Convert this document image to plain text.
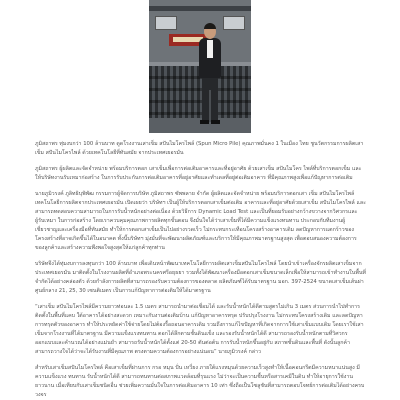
ภูมิสถาพร ทุ่มงบกว่า 100 ล้านบาท ดูดโรงงานเสาเข็ม สปันไมโครไพล์ (Spun Micro Pile) คุณภาพมั่นคง 1 ในเมือง ไทย ชูนวัตกรรมการผลิตเสาเข็ม สปันไมโครไพล์ ด้วยเทคโนโลยีที่ทันสมัย จากประเทศเยอรมัน

ภูมิสถาพร ผู้ผลิตและจัดจำหน่าย พร้อมบริการตอก เสาเข็มเพื่อการต่อเติมอาคารและที่อยู่อาศัย ด้วยเสาเข็ม สปันไมโคร ไพล์ที่บริการตอกเข็ม และให้บริษัทงานรับเหมาก่อสร้าง ในการรับประกันการต่อเติมอาคารที่อยู่อาศัยและทำเดลที่อยู่ต่อเติมอาคาร ที่มีคุณภาพสูงเพื่อแก้ปัญหาการต่อเติม

นายภูมิวรงค์ ภูลิทธิบุพิพัฒ กรรมการผู้จัดการบริษัท ภูมิสถาพร ซัพพลาย จำกัด ผู้ผลิตและจัดจำหน่าย พร้อมบริการตอกเสา เข็ม สปันไมโครไพล์ เทคโนโลยีการผลิตจากประเทศเยอรมัน เปิดเผยว่า บริษัทฯ เป็นผู้ให้บริการตอกเสาเข็มต่อเติม อาคารและที่อยู่อาศัยด้วยเสาเข็ม สปันไมโครไพล์ และสามารถทดสอบความสามารถในการรับน้ำหนักอย่างต่อเนื่อง ด้วยวิธีการ Dynamic Load Test และเป็นที่ยอมรับอย่างกว้างขวางจากวิศวกรและผู้รับเหมา ในการก่อสร้าง โดยเราควบคุมคุณภาพการผลิตทุกขั้นตอน จึงมั่นใจได้ว่าเสาเข็มที่ได้มีความแข็งแรงทนทาน ประกอบกับทีมงานผู้เชี่ยวชาญและเครื่องมือที่ทันสมัย ทำให้การตอกเสาเข็มเป็นไปอย่างรวดเร็ว ไม่กระทบกระเทือนโครงสร้างอาคารเดิม ลดปัญหาการแตกร้าวของโครงสร้างที่อาจเกิดขึ้นได้ในอนาคต ทั้งนี้บริษัทฯ มุ่งมั่นที่จะพัฒนาผลิตภัณฑ์และบริการให้มีคุณภาพมาตรฐานสูงสุด เพื่อตอบสนองความต้องการของลูกค้าและสร้างความพึงพอใจสูงสุดให้แก่ลูกค้าทุกท่าน

บริษัทจึงได้ทุ่มงบการลงทุนกว่า 100 ล้านบาท เพื่อเดินหน้าพัฒนาเทคโนโลยีการผลิตเสาเข็มสปันไมโครไพล์ โดยนำเข้าเครื่องจักรผลิตเสาเข็มจากประเทศเยอรมัน มาติดตั้งในโรงงานผลิตที่อำเภอพระนครศรีอยุธยา รวมทั้งได้พัฒนาเครื่องมือตอกเสาเข็มขนาดเล็กเพื่อให้สามารถเข้าทำงานในพื้นที่จำกัดได้อย่างคล่องตัว ด้วยกำลังการผลิตที่สามารถรองรับความต้องการของตลาด ผลิตภัณฑ์ได้รับมาตรฐาน มอก. 397-2524 ขนาดเสาเข็มเส้นผ่าศูนย์กลาง 21, 25, 30 เซนติเมตร เป็นการแก้ปัญหาการต่อเติมให้ได้มาตรฐาน

“เสาเข็ม สปันไมโครไพล์มีความยาวท่อนละ 1.5 เมตร สามารถนำมาต่อเชื่อมได้ และรับน้ำหนักได้ดีตามสูตรไม่เกิน 3 เมตร ส่วนการนำไปทำการติดตั้งในพื้นที่แคบ ใต้อาคารได้อย่างสะดวก เหมาะกับงานต่อเติมบ้าน แก้ปัญหาอาคารทรุด ปรับปรุงโรงงาน ไม่กระทบโครงสร้างเดิม และลดปัญหาการทรุดตัวของอาคาร ทำให้ประหยัดค่าใช้จ่ายโดยไม่ต้องรื้อถอนอาคารเดิม รวมถึงการแก้ไขปัญหาที่เกิดจากการใช้เสาเข็มแบบเดิม โดยเราใช้เสาเข็มจากโรงงานที่ได้มาตรฐาน มีความแข็งแรงทนทาน ตอกได้ลึกตามชั้นดินแข็ง และรองรับน้ำหนักได้ดี สามารถรองรับน้ำหนักตามที่วิศวกรออกแบบและคำนวณได้อย่างแม่นยำ สามารถรับน้ำหนักได้ตั้งแต่ 20-50 ตันต่อต้น การรับน้ำหนักขึ้นอยู่กับ สภาพชั้นดินและพื้นที่ ดังนั้นลูกค้าสามารถวางใจได้ว่าจะได้รับงานที่มีคุณภาพ ตรงตามความต้องการอย่างแน่นอน” นายภูมิวรงค์ กล่าว

สำหรับเสาเข็มสปันไมโครไพล์ คือเสาเข็มที่ผ่านการ กรอ หมุน ปั่น เหวี่ยง ภายใต้แรงหมุนด้วยความเร็วสูงทำให้เนื้อคอนกรีตมีความหนาแน่นสูง มีความแข็งแรง ทนทาน รับน้ำหนักได้ดี สามารถทนทานต่อสภาพแวดล้อมที่รุนแรง ไม่ว่าจะเป็นความชื้นหรือสารเคมีในดิน ทำให้อายุการใช้งานยาวนาน เมื่อเทียบกับเสาเข็มชนิดอื่น ช่วยเพิ่มความมั่นใจในการต่อเติมอาคาร 10 เท่า ซึ่งถือเป็นโซลูชันที่สามารถตอบโจทย์การต่อเติมได้อย่างครบวงจร
